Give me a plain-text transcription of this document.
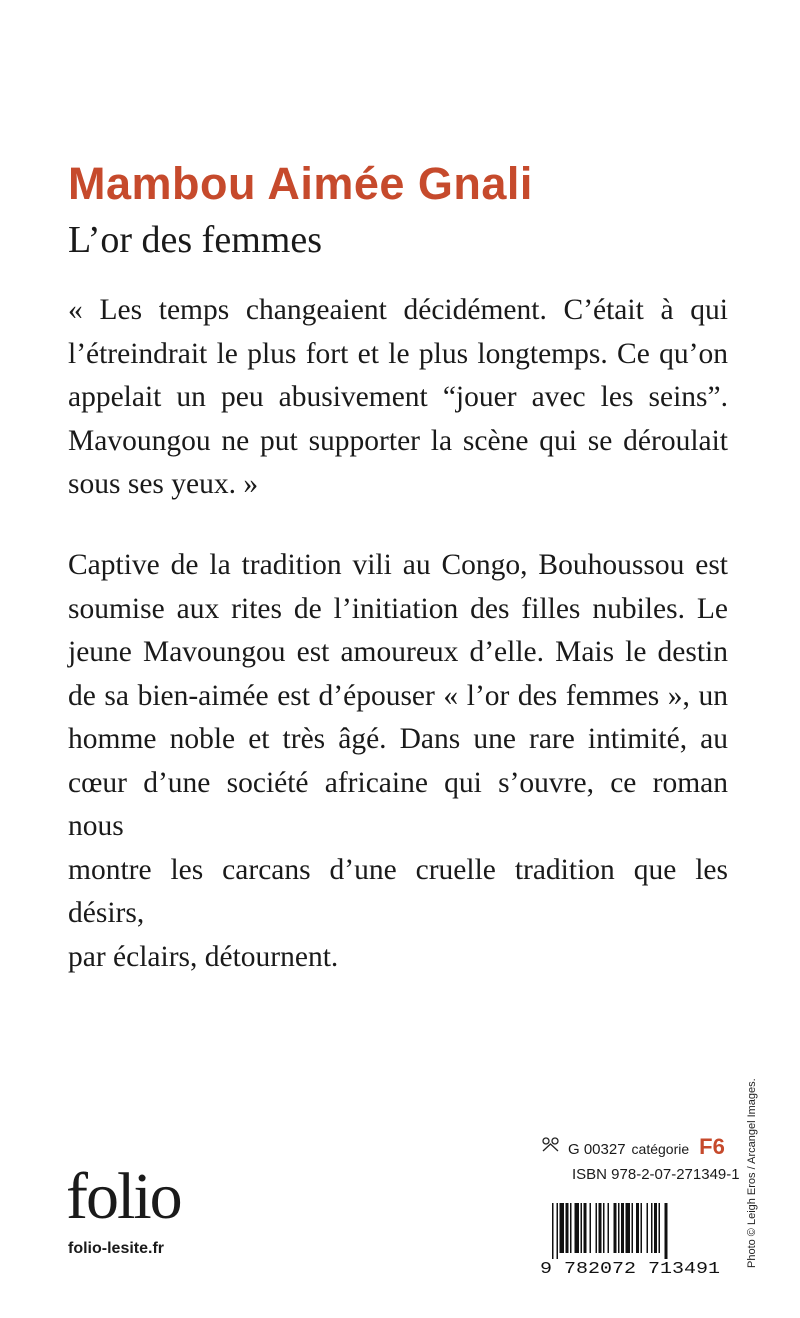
Mambou Aimée Gnali
L’or des femmes
« Les temps changeaient décidément. C’était à qui
l’étreindrait le plus fort et le plus longtemps. Ce qu’on
appelait un peu abusivement “jouer avec les seins”.
Mavoungou ne put supporter la scène qui se déroulait
sous ses yeux. »
Captive de la tradition vili au Congo, Bouhoussou est
soumise aux rites de l’initiation des filles nubiles. Le
jeune Mavoungou est amoureux d’elle. Mais le destin
de sa bien-aimée est d’épouser « l’or des femmes », un
homme noble et très âgé. Dans une rare intimité, au
cœur d’une société africaine qui s’ouvre, ce roman nous
montre les carcans d’une cruelle tradition que les désirs,
par éclairs, détournent.
Photo © Leigh Eros / Arcangel Images.
folio
folio-lesite.fr
G 00327 catégorie F6
ISBN 978-2-07-271349-1
9 782072 713491
